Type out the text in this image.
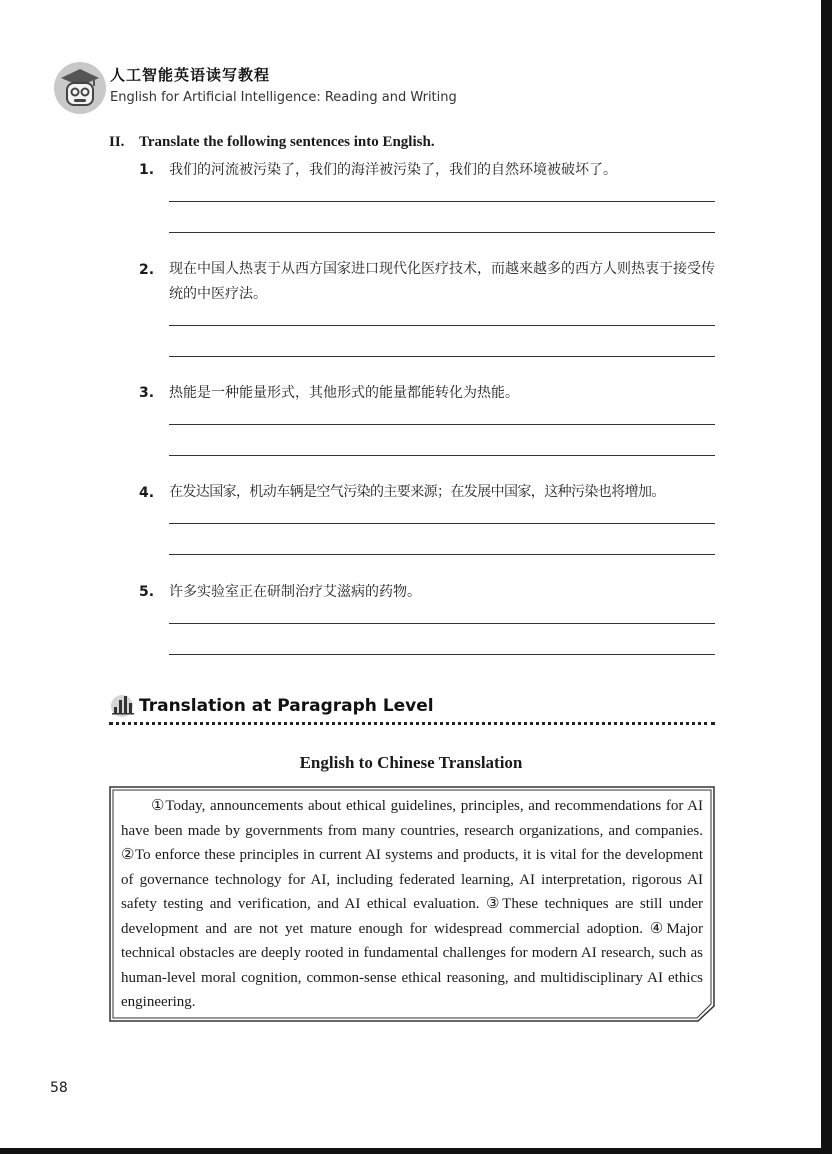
人工智能英语读写教程
English for Artificial Intelligence: Reading and Writing
II. Translate the following sentences into English.
1. 我们的河流被污染了，我们的海洋被污染了，我们的自然环境被破坏了。
2. 现在中国人热衷于从西方国家进口现代化医疗技术，而越来越多的西方人则热衷于接受传统的中医疗法。
3. 热能是一种能量形式，其他形式的能量都能转化为热能。
4. 在发达国家，机动车辆是空气污染的主要来源；在发展中国家，这种污染也将增加。
5. 许多实验室正在研制治疗艾滋病的药物。
Translation at Paragraph Level
English to Chinese Translation

①Today, announcements about ethical guidelines, principles, and recommendations for AI have been made by governments from many countries, research organizations, and companies. ②To enforce these principles in current AI systems and products, it is vital for the development of governance technology for AI, including federated learning, AI interpretation, rigorous AI safety testing and verification, and AI ethical evaluation. ③These techniques are still under development and are not yet mature enough for widespread commercial adoption. ④Major technical obstacles are deeply rooted in fundamental challenges for modern AI research, such as human-level moral cognition, common-sense ethical reasoning, and multidisciplinary AI ethics engineering.

58
